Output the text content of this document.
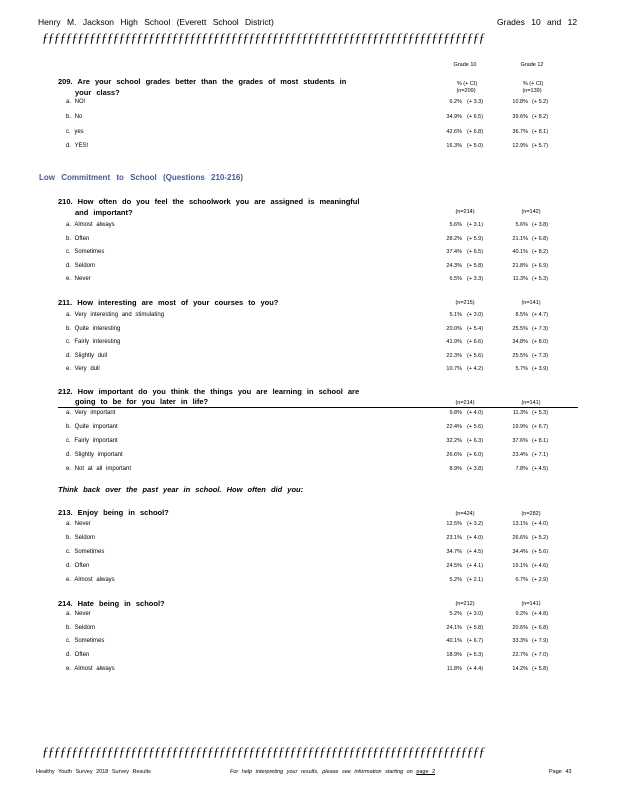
Henry M. Jackson High School (Everett School District)	Grades 10 and 12
ƒƒƒƒƒƒƒƒƒƒƒƒƒƒƒƒƒƒƒƒƒƒƒƒƒƒƒƒƒƒƒƒƒƒƒƒƒƒƒƒƒƒƒƒƒƒƒƒƒƒƒƒƒƒƒƒƒƒƒƒƒƒƒƒƒƒƒƒƒƒƒƒƒƒƒ
Grade 10	Grade 12
% (+ CI)	% (+ CI)
(n=209)	(n=139)
Low Commitment to School (Questions 210-216)
Think back over the past year in school. How often did you:
209. Are your school grades better than the grades of most students in
your class?
a. NO!	6.2% (+ 3.3)	10.8% (+ 5.2)
b. No	34.9% (+ 6.5)	39.6% (+ 8.2)
c. yes	42.6% (+ 6.8)	36.7% (+ 8.1)
d. YES!	16.3% (+ 5.0)	12.9% (+ 5.7)
210. How often do you feel the schoolwork you are assigned is meaningful
and important?	(n=214)	(n=142)
a. Almost always	5.6% (+ 3.1)	5.6% (+ 3.8)
b. Often	28.2% (+ 5.9)	21.1% (+ 6.8)
c. Sometimes	37.4% (+ 6.5)	40.1% (+ 8.2)
d. Seldom	24.3% (+ 5.8)	21.8% (+ 6.9)
e. Never	6.5% (+ 3.3)	11.3% (+ 5.3)
211. How interesting are most of your courses to you?	(n=215)	(n=141)
a. Very interesting and stimulating	5.1% (+ 3.0)	8.5% (+ 4.7)
b. Quite interesting	20.0% (+ 5.4)	25.5% (+ 7.3)
c. Fairly interesting	41.9% (+ 6.6)	34.8% (+ 8.0)
d. Slightly dull	22.3% (+ 5.6)	25.5% (+ 7.3)
e. Very dull	10.7% (+ 4.2)	5.7% (+ 3.9)
212. How important do you think the things you are learning in school are
going to be for you later in life?	(n=214)	(n=141)
a. Very important	9.8% (+ 4.0)	11.3% (+ 5.3)
b. Quite important	22.4% (+ 5.6)	19.9% (+ 6.7)
c. Fairly important	32.2% (+ 6.3)	37.6% (+ 8.1)
d. Slightly important	26.6% (+ 6.0)	23.4% (+ 7.1)
e. Not at all important	8.9% (+ 3.8)	7.8% (+ 4.5)
213. Enjoy being in school?	(n=424)	(n=282)
a. Never	12.5% (+ 3.2)	13.1% (+ 4.0)
b. Seldom	23.1% (+ 4.0)	26.6% (+ 5.2)
c. Sometimes	34.7% (+ 4.5)	34.4% (+ 5.6)
d. Often	24.5% (+ 4.1)	19.1% (+ 4.6)
e. Almost always	5.2% (+ 2.1)	6.7% (+ 2.9)
214. Hate being in school?	(n=212)	(n=141)
a. Never	5.2% (+ 3.0)	9.2% (+ 4.8)
b. Seldom	24.1% (+ 5.8)	20.6% (+ 6.8)
c. Sometimes	40.1% (+ 6.7)	33.3% (+ 7.9)
d. Often	18.9% (+ 5.3)	22.7% (+ 7.0)
e. Almost always	11.8% (+ 4.4)	14.2% (+ 5.8)
ƒƒƒƒƒƒƒƒƒƒƒƒƒƒƒƒƒƒƒƒƒƒƒƒƒƒƒƒƒƒƒƒƒƒƒƒƒƒƒƒƒƒƒƒƒƒƒƒƒƒƒƒƒƒƒƒƒƒƒƒƒƒƒƒƒƒƒƒƒƒƒƒƒƒƒ
Healthy Youth Survey 2018 Survey Results	For help interpreting your results, please see information starting on page 2	Page 43
